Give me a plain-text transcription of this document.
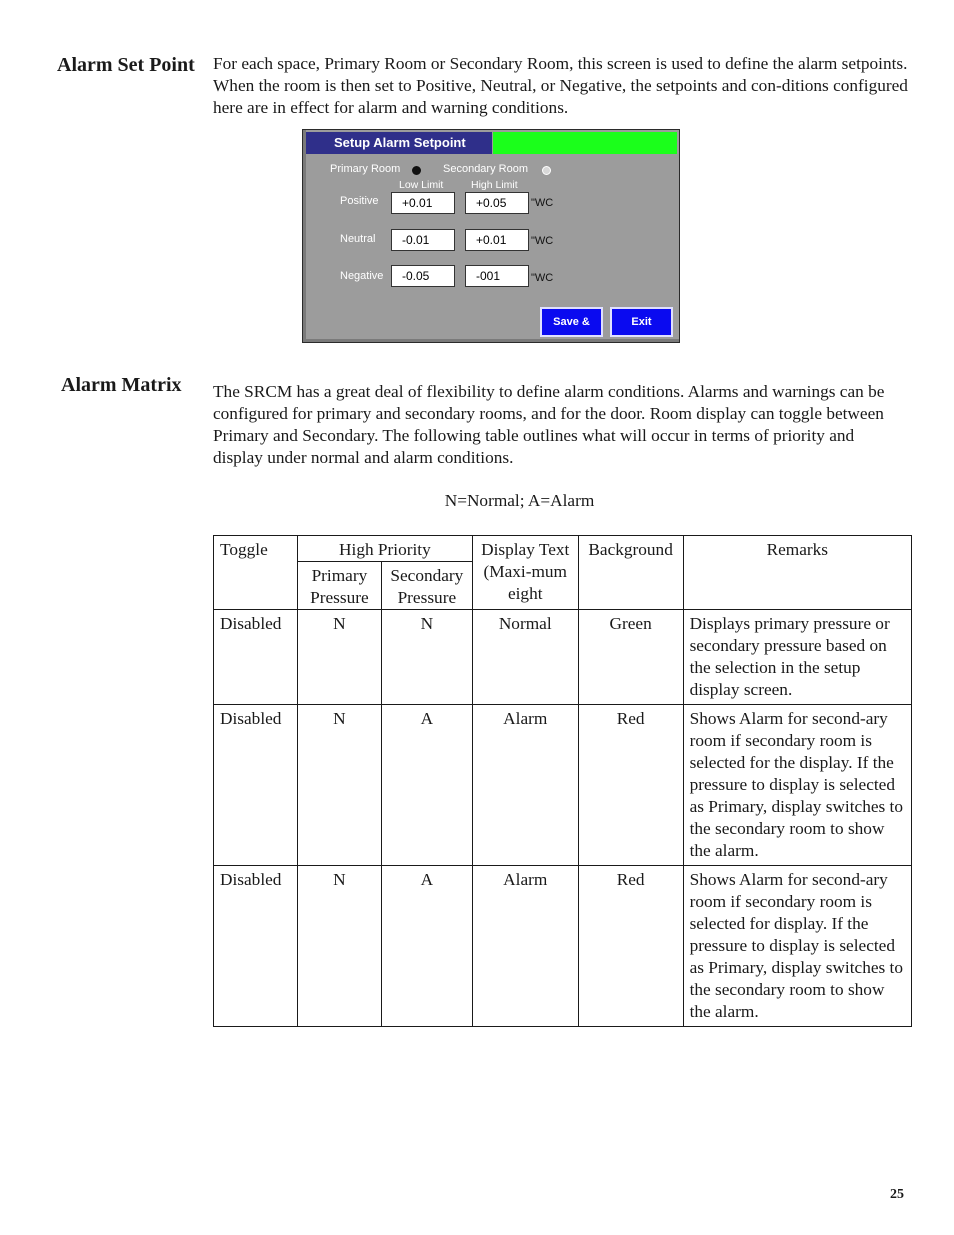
Alarm Set Point For each space, Primary Room or Secondary Room, this screen is used to define the alarm setpoints. When the room is then set to Positive, Neutral, or Negative, the setpoints and con-ditions configured here are in effect for alarm and warning conditions.
Setup Alarm Setpoint
Primary Room	Secondary Room
Low Limit	High Limit
Positive	+0.01	+0.05	"WC
Neutral	-0.01	+0.01	"WC
Negative	-0.05	-001	"WC
Save & Exit
Exit
Alarm Matrix The SRCM has a great deal of flexibility to define alarm conditions. Alarms and warnings can be configured for primary and secondary rooms, and for the door. Room display can toggle between Primary and Secondary. The following table outlines what will occur in terms of priority and display under normal and alarm conditions.
N=Normal; A=Alarm
Toggle	High Priority		Display Text (Maxi-mum eight	Background	Remarks
	Primary Pressure	Secondary Pressure			
Disabled	N	N	Normal	Green	Displays primary pressure or secondary pressure based on the selection in the setup display screen.
Disabled	N	A	Alarm	Red	Shows Alarm for second-ary room if secondary room is selected for the display. If the pressure to display is selected as Primary, display switches to the secondary room to show the alarm.
Disabled	N	A	Alarm	Red	Shows Alarm for second-ary room if secondary room is selected for display. If the pressure to display is selected as Primary, display switches to the secondary room to show the alarm.
25
